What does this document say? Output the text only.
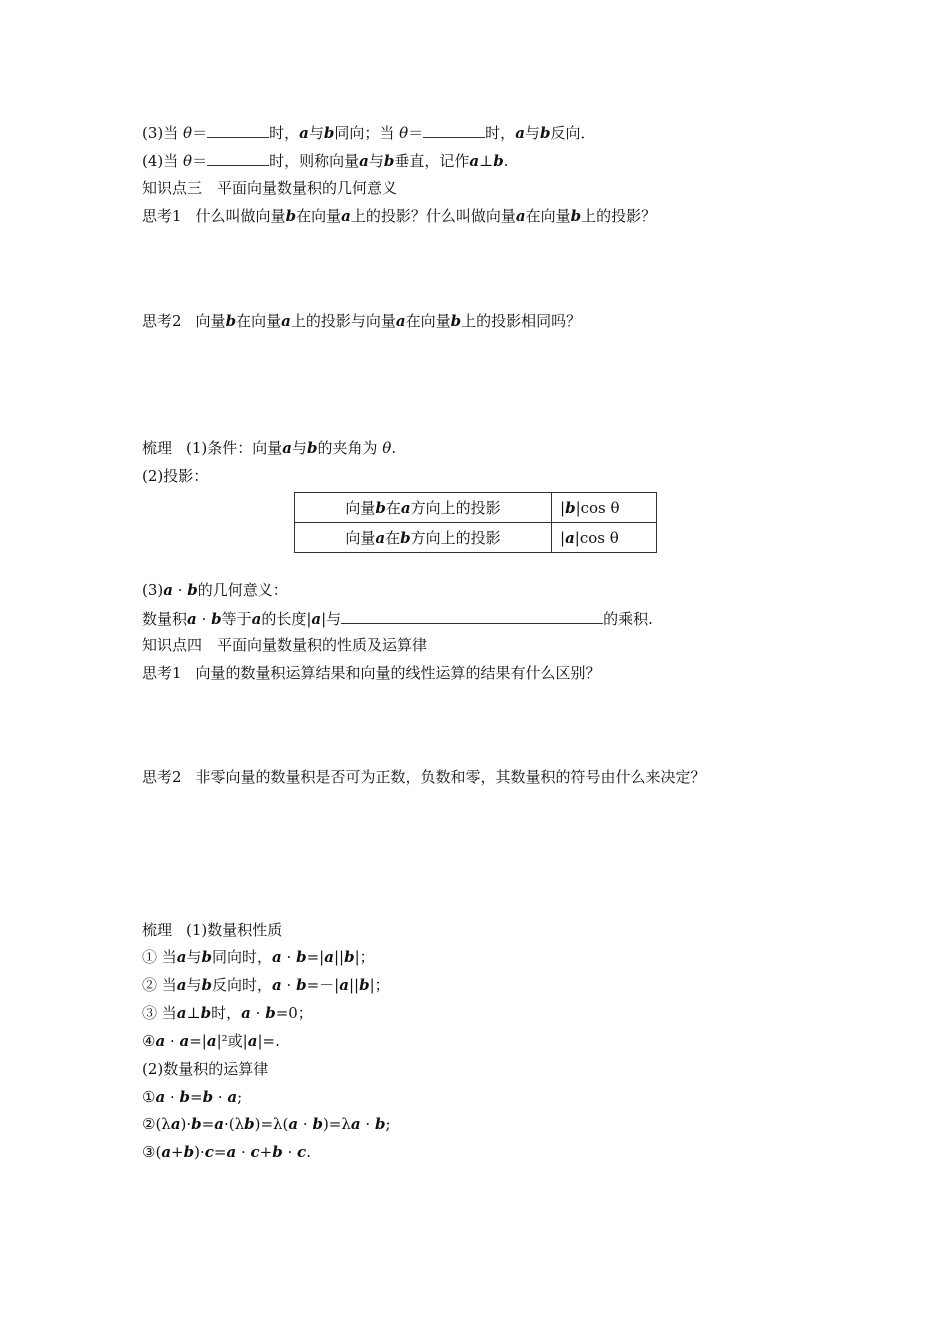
(3)当 θ＝	时，a与b同向；当 θ＝	时，a与b反向．
(4)当 θ＝	时，则称向量a与b垂直，记作a⊥b.
知识点三　平面向量数量积的几何意义
思考1 什么叫做向量b在向量a上的投影？什么叫做向量a在向量b上的投影？
思考2 向量b在向量a上的投影与向量a在向量b上的投影相同吗？
梳理 (1)条件：向量a与b的夹角为 θ.
(2)投影：
向量b在a方向上的投影	|b|cos θ
向量a在b方向上的投影	|a|cos θ
(3)a · b的几何意义：
数量积a · b等于a的长度|a|与	的乘积.
知识点四　平面向量数量积的性质及运算律
思考1 向量的数量积运算结果和向量的线性运算的结果有什么区别？
思考2 非零向量的数量积是否可为正数，负数和零，其数量积的符号由什么来决定？
梳理 (1)数量积性质
① 当a与b同向时，a · b=|a||b|；
② 当a与b反向时，a · b=－|a||b|；
③ 当a⊥b时，a · b=0；
④a · a=|a|²或|a|=.
(2)数量积的运算律
①a · b=b · a;
②(λa)·b=a·(λb)=λ(a · b)=λa · b;
③(a+b)·c=a · c+b · c.
